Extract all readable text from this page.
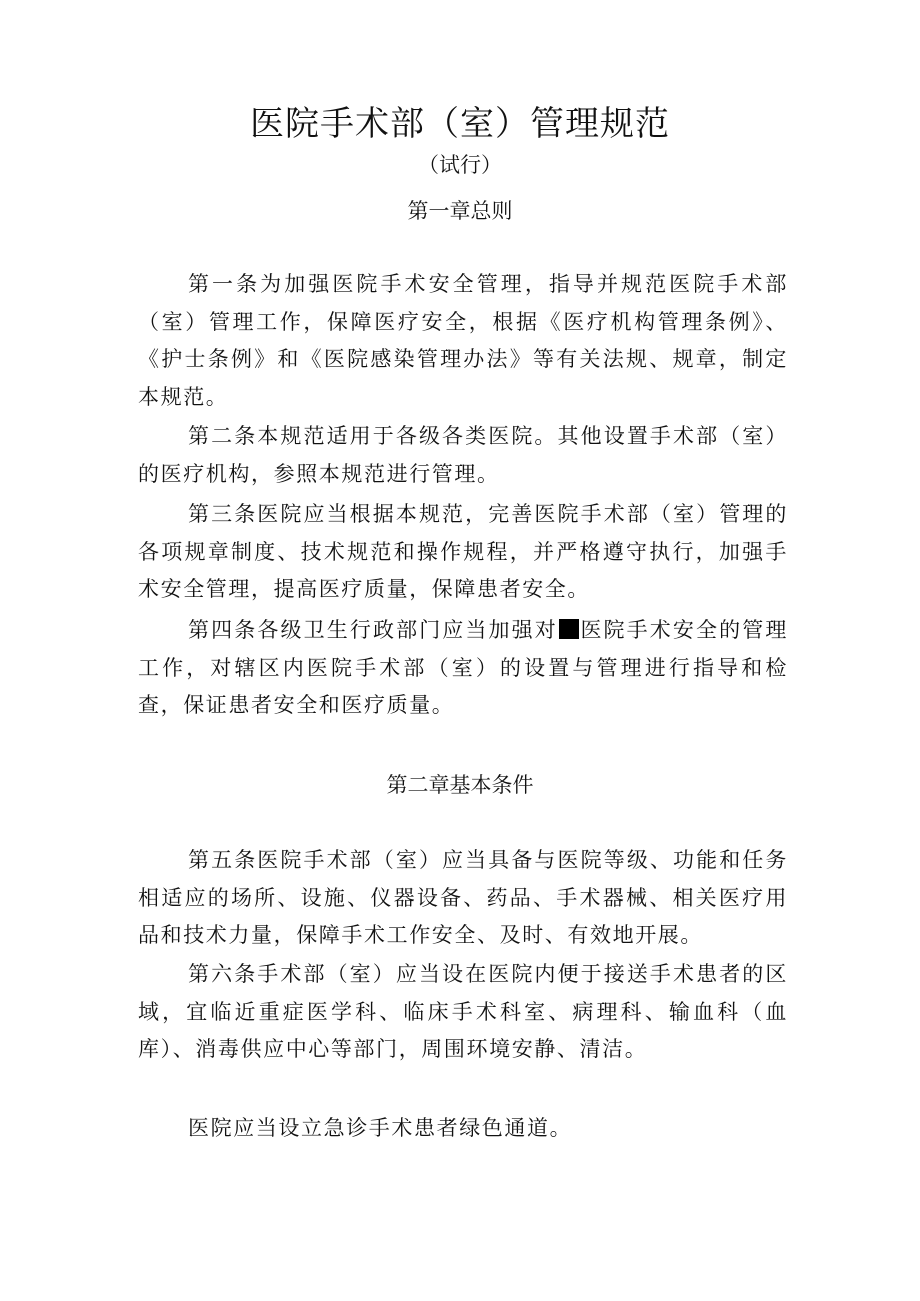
医院手术部（室）管理规范
（试行）
第一章总则

第一条为加强医院手术安全管理，指导并规范医院手术部（室）管理工作，保障医疗安全，根据《医疗机构管理条例》、《护士条例》和《医院感染管理办法》等有关法规、规章，制定本规范。

第二条本规范适用于各级各类医院。其他设置手术部（室）的医疗机构，参照本规范进行管理。

第三条医院应当根据本规范，完善医院手术部（室）管理的各项规章制度、技术规范和操作规程，并严格遵守执行，加强手术安全管理，提高医疗质量，保障患者安全。

第四条各级卫生行政部门应当加强对 医院手术安全的管理工作，对辖区内医院手术部（室）的设置与管理进行指导和检查，保证患者安全和医疗质量。

第二章基本条件

第五条医院手术部（室）应当具备与医院等级、功能和任务相适应的场所、设施、仪器设备、药品、手术器械、相关医疗用品和技术力量，保障手术工作安全、及时、有效地开展。

第六条手术部（室）应当设在医院内便于接送手术患者的区域，宜临近重症医学科、临床手术科室、病理科、输血科（血库）、消毒供应中心等部门，周围环境安静、清洁。

医院应当设立急诊手术患者绿色通道。
